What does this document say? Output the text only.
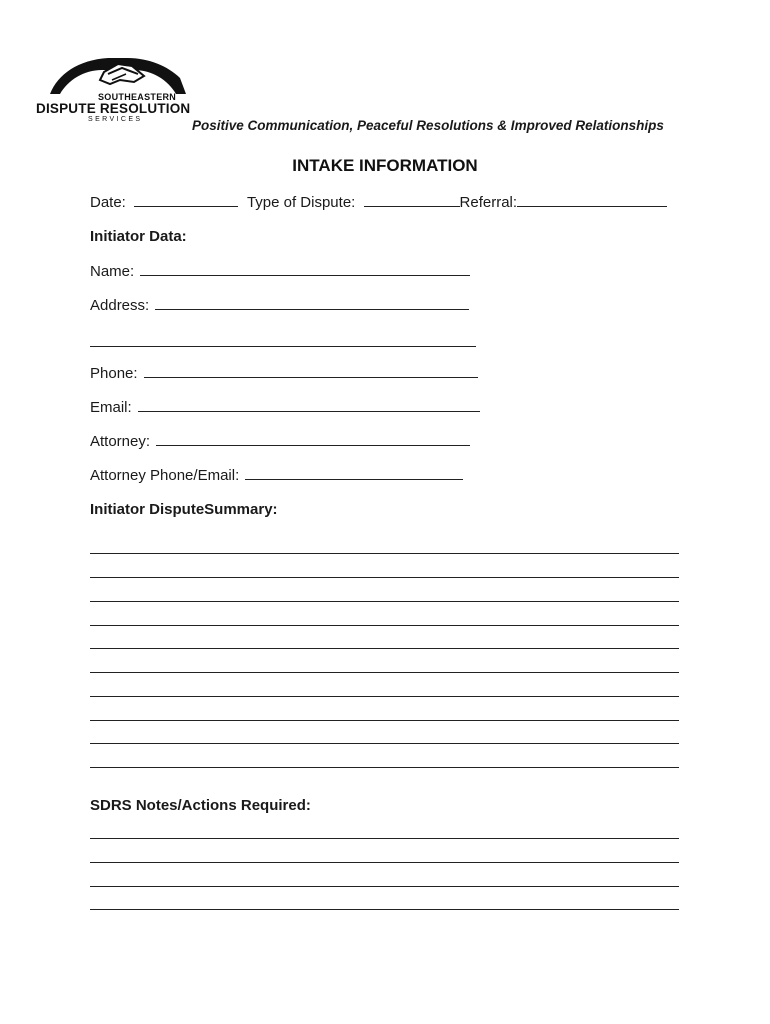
SOUTHEASTERN
DISPUTE RESOLUTION
SERVICES	Positive Communication, Peaceful Resolutions & Improved Relationships
INTAKE INFORMATION
Date:	Type of Dispute:	Referral:
Initiator Data:
Name:
Address:
Phone:
Email:
Attorney:
Attorney Phone/Email:
Initiator DisputeSummary:
SDRS Notes/Actions Required:
